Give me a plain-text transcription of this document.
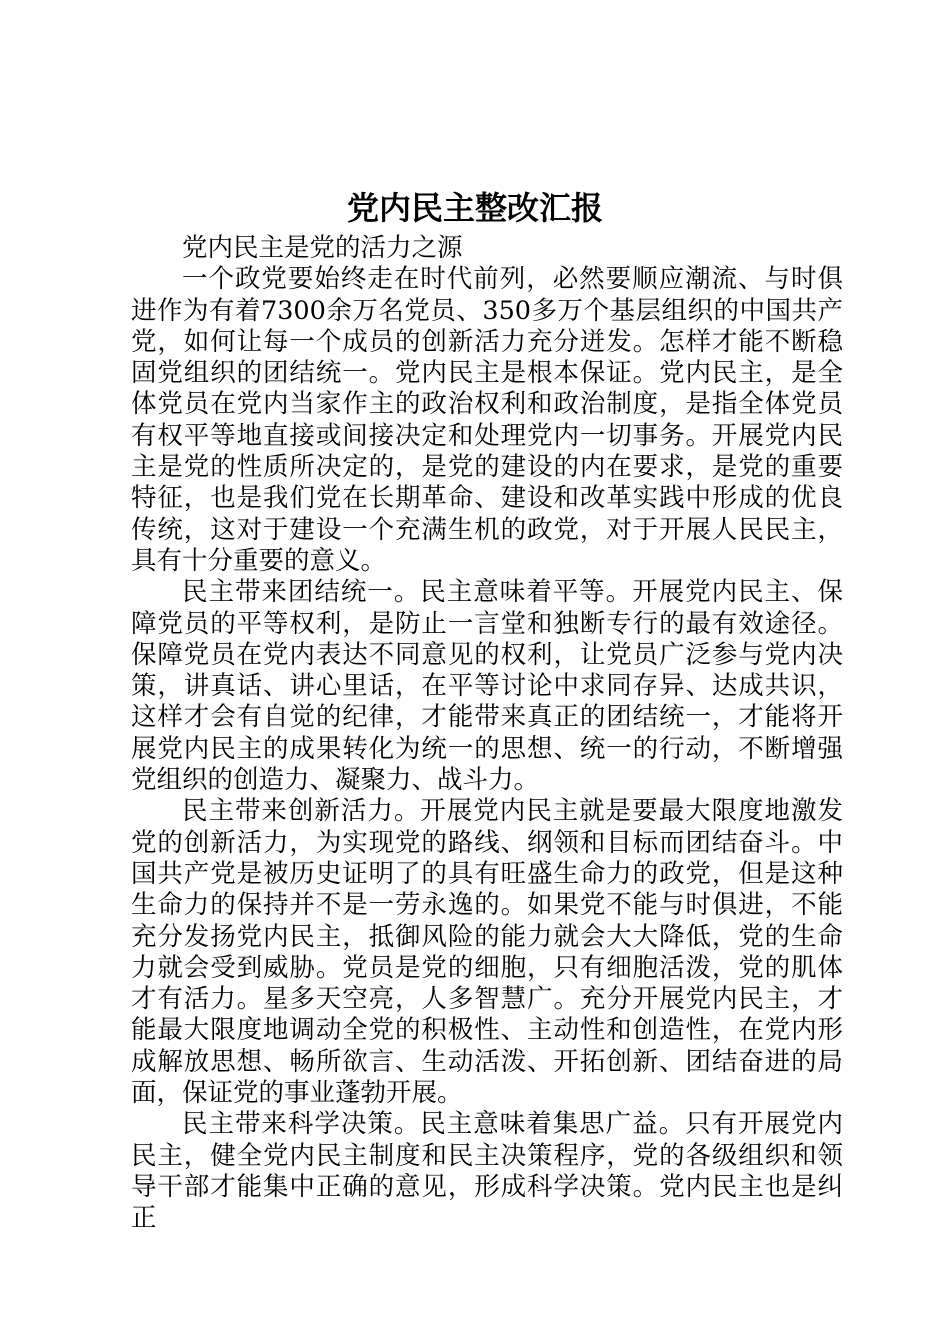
党内民主整改汇报

党内民主是党的活力之源

一个政党要始终走在时代前列，必然要顺应潮流、与时俱进作为有着7300余万名党员、350多万个基层组织的中国共产党，如何让每一个成员的创新活力充分迸发。怎样才能不断稳固党组织的团结统一。党内民主是根本保证。党内民主，是全体党员在党内当家作主的政治权利和政治制度，是指全体党员有权平等地直接或间接决定和处理党内一切事务。开展党内民主是党的性质所决定的，是党的建设的内在要求，是党的重要特征，也是我们党在长期革命、建设和改革实践中形成的优良传统，这对于建设一个充满生机的政党，对于开展人民民主，具有十分重要的意义。

民主带来团结统一。民主意味着平等。开展党内民主、保障党员的平等权利，是防止一言堂和独断专行的最有效途径。保障党员在党内表达不同意见的权利，让党员广泛参与党内决策，讲真话、讲心里话，在平等讨论中求同存异、达成共识，这样才会有自觉的纪律，才能带来真正的团结统一，才能将开展党内民主的成果转化为统一的思想、统一的行动，不断增强党组织的创造力、凝聚力、战斗力。

民主带来创新活力。开展党内民主就是要最大限度地激发党的创新活力，为实现党的路线、纲领和目标而团结奋斗。中国共产党是被历史证明了的具有旺盛生命力的政党，但是这种生命力的保持并不是一劳永逸的。如果党不能与时俱进，不能充分发扬党内民主，抵御风险的能力就会大大降低，党的生命力就会受到威胁。党员是党的细胞，只有细胞活泼，党的肌体才有活力。星多天空亮，人多智慧广。充分开展党内民主，才能最大限度地调动全党的积极性、主动性和创造性，在党内形成解放思想、畅所欲言、生动活泼、开拓创新、团结奋进的局面，保证党的事业蓬勃开展。

民主带来科学决策。民主意味着集思广益。只有开展党内民主，健全党内民主制度和民主决策程序，党的各级组织和领导干部才能集中正确的意见，形成科学决策。党内民主也是纠正
